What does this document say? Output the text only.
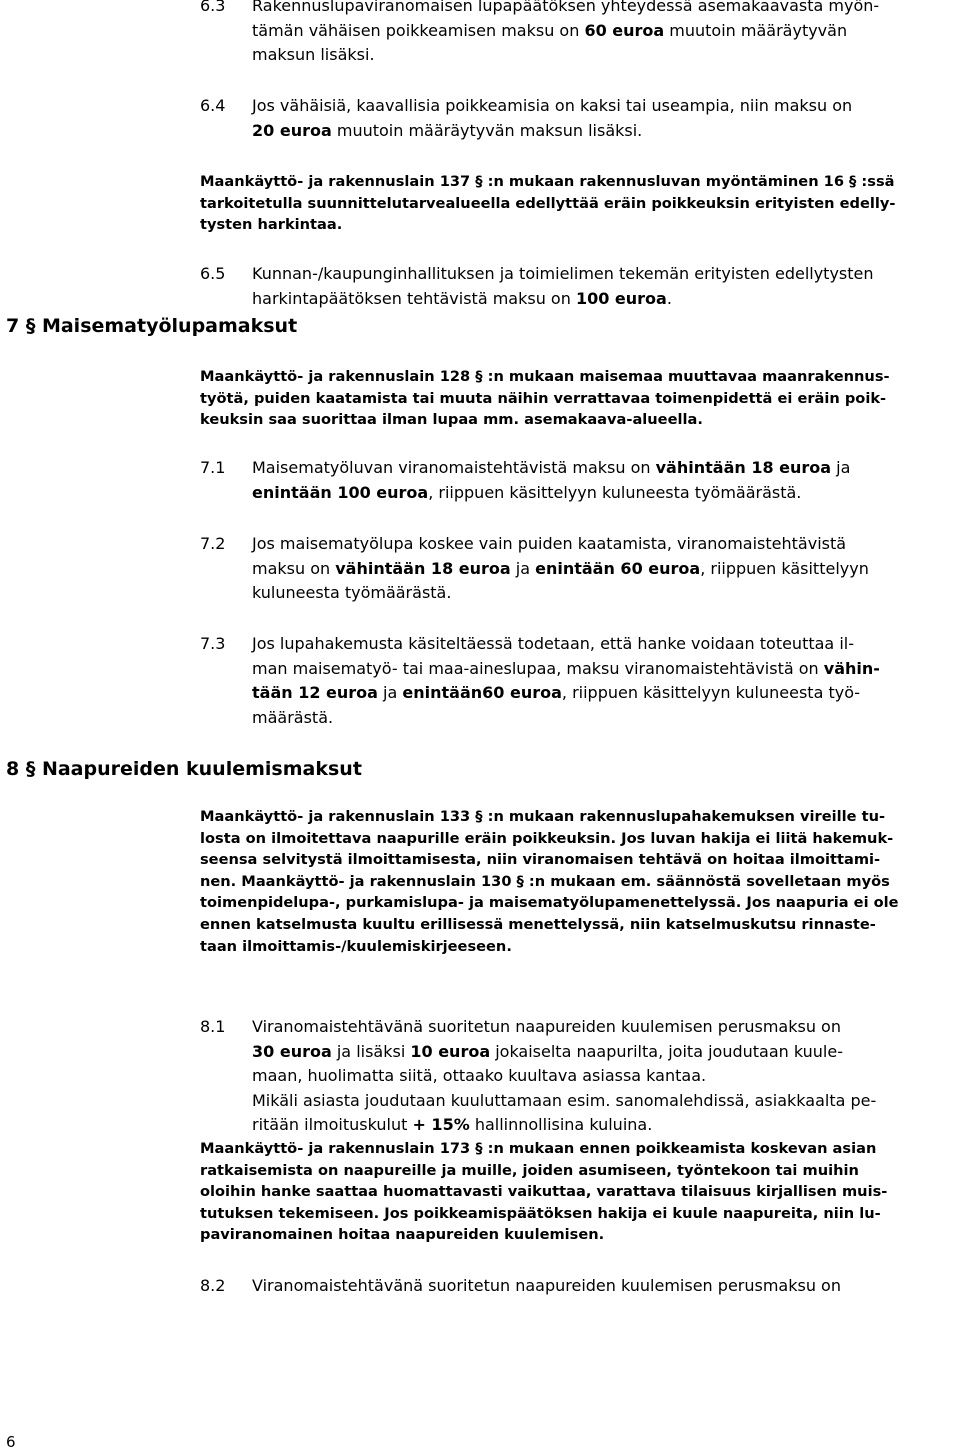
6.3	Rakennuslupaviranomaisen lupapäätöksen yhteydessä asemakaavasta myön-
tämän vähäisen poikkeamisen maksu on 60 euroa muutoin määräytyvän
maksun lisäksi.
6.4	Jos vähäisiä, kaavallisia poikkeamisia on kaksi tai useampia, niin maksu on
20 euroa muutoin määräytyvän maksun lisäksi.
Maankäyttö- ja rakennuslain 137 § :n mukaan rakennusluvan myöntäminen 16 § :ssä
tarkoitetulla suunnittelutarvealueella edellyttää eräin poikkeuksin erityisten edelly-
tysten harkintaa.
6.5	Kunnan-/kaupunginhallituksen ja toimielimen tekemän erityisten edellytysten
harkintapäätöksen tehtävistä maksu on 100 euroa.
7 § Maisematyölupamaksut
Maankäyttö- ja rakennuslain 128 § :n mukaan maisemaa muuttavaa maanrakennus-
työtä, puiden kaatamista tai muuta näihin verrattavaa toimenpidettä ei eräin poik-
keuksin saa suorittaa ilman lupaa mm. asemakaava-alueella.
7.1	Maisematyöluvan viranomaistehtävistä maksu on vähintään 18 euroa ja
enintään 100 euroa, riippuen käsittelyyn kuluneesta työmäärästä.
7.2	Jos maisematyölupa koskee vain puiden kaatamista, viranomaistehtävistä
maksu on vähintään 18 euroa ja enintään 60 euroa, riippuen käsittelyyn
kuluneesta työmäärästä.
7.3	Jos lupahakemusta käsiteltäessä todetaan, että hanke voidaan toteuttaa il-
man maisematyö- tai maa-aineslupaa, maksu viranomaistehtävistä on vähin-
tään 12 euroa ja enintään60 euroa, riippuen käsittelyyn kuluneesta työ-
määrästä.
8 § Naapureiden kuulemismaksut
Maankäyttö- ja rakennuslain 133 § :n mukaan rakennuslupahakemuksen vireille tu-
losta on ilmoitettava naapurille eräin poikkeuksin. Jos luvan hakija ei liitä hakemuk-
seensa selvitystä ilmoittamisesta, niin viranomaisen tehtävä on hoitaa ilmoittami-
nen. Maankäyttö- ja rakennuslain 130 § :n mukaan em. säännöstä sovelletaan myös
toimenpidelupa-, purkamislupa- ja maisematyölupamenettelyssä. Jos naapuria ei ole
ennen katselmusta kuultu erillisessä menettelyssä, niin katselmuskutsu rinnaste-
taan ilmoittamis-/kuulemiskirjeeseen.
8.1	Viranomaistehtävänä suoritetun naapureiden kuulemisen perusmaksu on
30 euroa ja lisäksi 10 euroa jokaiselta naapurilta, joita joudutaan kuule-
maan, huolimatta siitä, ottaako kuultava asiassa kantaa.
Mikäli asiasta joudutaan kuuluttamaan esim. sanomalehdissä, asiakkaalta pe-
ritään ilmoituskulut + 15% hallinnollisina kuluina.
Maankäyttö- ja rakennuslain 173 § :n mukaan ennen poikkeamista koskevan asian
ratkaisemista on naapureille ja muille, joiden asumiseen, työntekoon tai muihin
oloihin hanke saattaa huomattavasti vaikuttaa, varattava tilaisuus kirjallisen muis-
tutuksen tekemiseen. Jos poikkeamispäätöksen hakija ei kuule naapureita, niin lu-
paviranomainen hoitaa naapureiden kuulemisen.
8.2	Viranomaistehtävänä suoritetun naapureiden kuulemisen perusmaksu on
6
